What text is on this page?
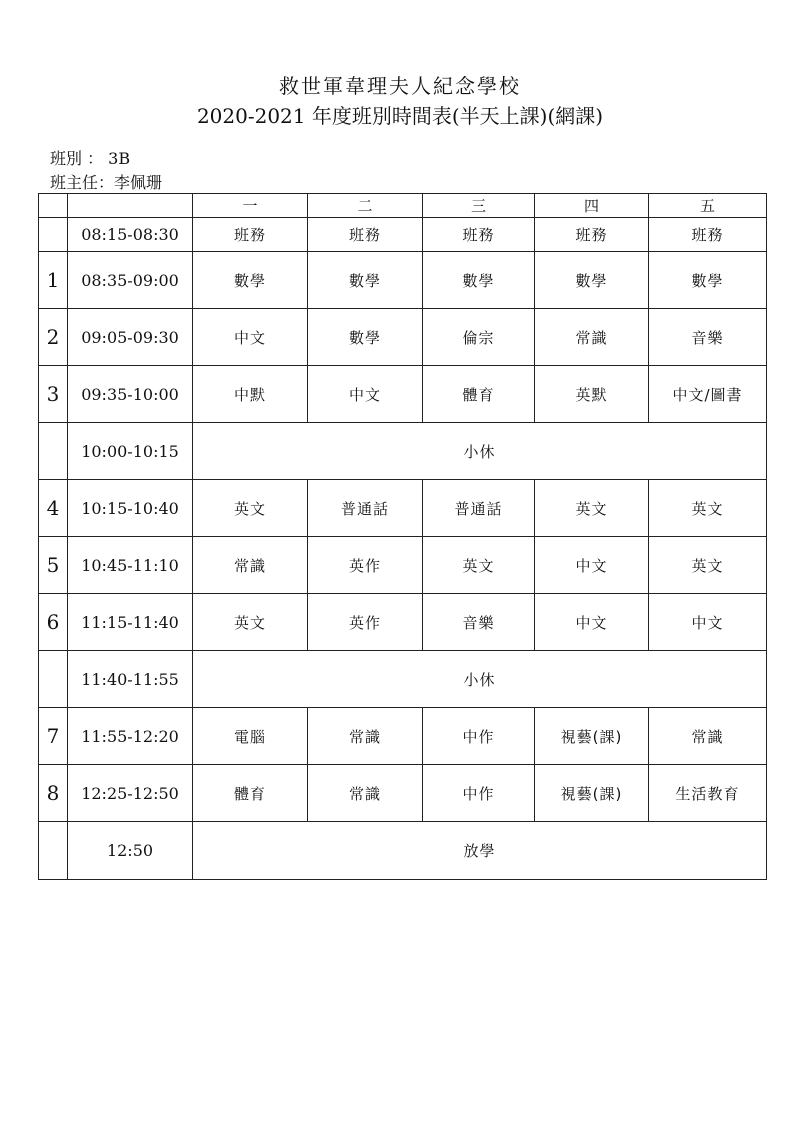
救世軍韋理夫人紀念學校
2020-2021 年度班別時間表(半天上課)(網課)
班別 ： 3B
班主任：李佩珊
		一	二	三	四	五
	08:15-08:30	班務	班務	班務	班務	班務
1	08:35-09:00	數學	數學	數學	數學	數學
2	09:05-09:30	中文	數學	倫宗	常識	音樂
3	09:35-10:00	中默	中文	體育	英默	中文/圖書
	10:00-10:15	小休				
4	10:15-10:40	英文	普通話	普通話	英文	英文
5	10:45-11:10	常識	英作	英文	中文	英文
6	11:15-11:40	英文	英作	音樂	中文	中文
	11:40-11:55	小休				
7	11:55-12:20	電腦	常識	中作	視藝(課)	常識
8	12:25-12:50	體育	常識	中作	視藝(課)	生活教育
	12:50	放學				
